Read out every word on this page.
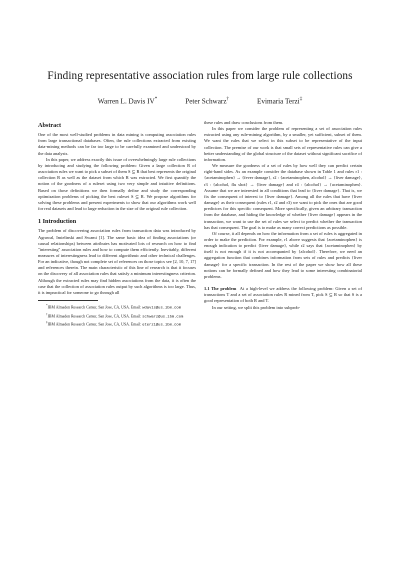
Finding representative association rules from large rule collections
Warren L. Davis IV*	Peter Schwarz†	Evimaria Terzi‡
Abstract

One of the most well-studied problems in data mining is computing association rules from large transactional databases. Often, the rule collections extracted from existing data-mining methods can be far too large to be carefully examined and understood by the data analysts.

In this paper, we address exactly this issue of overwhelmingly large rule collections by introducing and studying the following problem: Given a large collection R of association rules we want to pick a subset of them S ⊆ R that best represents the original collection R as well as the dataset from which R was extracted. We first quantify the notion of the goodness of a ruleset using two very simple and intuitive definitions. Based on those definitions we then formally define and study the corresponding optimization problems of picking the best ruleset S ⊆ R. We propose algorithms for solving these problems and present experiments to show that our algorithms work well for real datasets and lead to large reduction in the size of the original rule collection.

1 Introduction

The problem of discovering association rules from transaction data was introduced by Agrawal, Imielinski and Swami [1]. The same basic idea of finding associations (or causal relationships) between attributes has motivated lots of research on how to find "interesting" association rules and how to compute them efficiently. Inevitably, different measures of interestingness lead to different algorithmic and other technical challenges. For an indicative, though not complete set of references on those topics see [2, 10, 7, 17] and references therein. The main characteristic of this line of research is that it focuses on the discovery of all association rules that satisfy a minimum interestingness criterion. Although the extracted rules may find hidden associations from the data, it is often the case that the collection of association rules output by such algorithms is too large. Thus, it is impractical for someone to go through all

*IBM Almaden Research Center, San Jose, CA, USA. Email: wdavis@us.ibm.com

†IBM Almaden Research Center, San Jose, CA, USA. Email: schwarz@us.ibm.com

‡IBM Almaden Research Center, San Jose, CA, USA. Email: eterzi@us.ibm.com

these rules and draw conclusions from them.

In this paper we consider the problem of representing a set of association rules extracted using any rule-mining algorithm, by a smaller, yet sufficient, subset of them. We want the rules that we select in this subset to be representative of the input collection. The premise of our work is that small sets of representative rules can give a better understanding of the global structure of the dataset without significant sacrifice of information.

We measure the goodness of a set of rules by how well they can predict certain right-hand sides. As an example consider the database shown in Table 1 and rules r1 : {acetaminophen} → {fever damage}, r2 : {acetaminophen, alcohol} → {liver damage}, r3 : {alcohol, flu shot} → {liver damage} and r4 : {alcohol} → {acetaminophen}. Assume that we are interested in all conditions that lead to {liver damage}. That is, we fix the consequent of interest to {liver damage}. Among all the rules that have {liver damage} as their consequent (rules r1, r2 and r3) we want to pick the ones that are good predictors for this specific consequent. More specifically, given an arbitrary transaction from the database, and hiding the knowledge of whether {liver damage} appears in the transaction, we want to use the set of rules we select to predict whether the transaction has that consequent. The goal is to make as many correct predictions as possible.

Of course, it all depends on how the information from a set of rules is aggregated in order to make the prediction. For example, r1 above suggests that {acetaminophen} is enough indication to predict {liver damage}, while r2 says that {acetaminophen} by itself is not enough if it is not accompanied by {alcohol}. Therefore, we need an aggregation function that combines information from sets of rules and predicts {liver damage} for a specific transaction. In the rest of the paper we show how all these notions can be formally defined and how they lead to some interesting combinatorial problems.

1.1 The problem At a high-level we address the following problem: Given a set of transactions T and a set of association rules R mined from T, pick S ⊆ R so that S is a good representation of both R and T.

In our setting, we split this problem into subprob-
